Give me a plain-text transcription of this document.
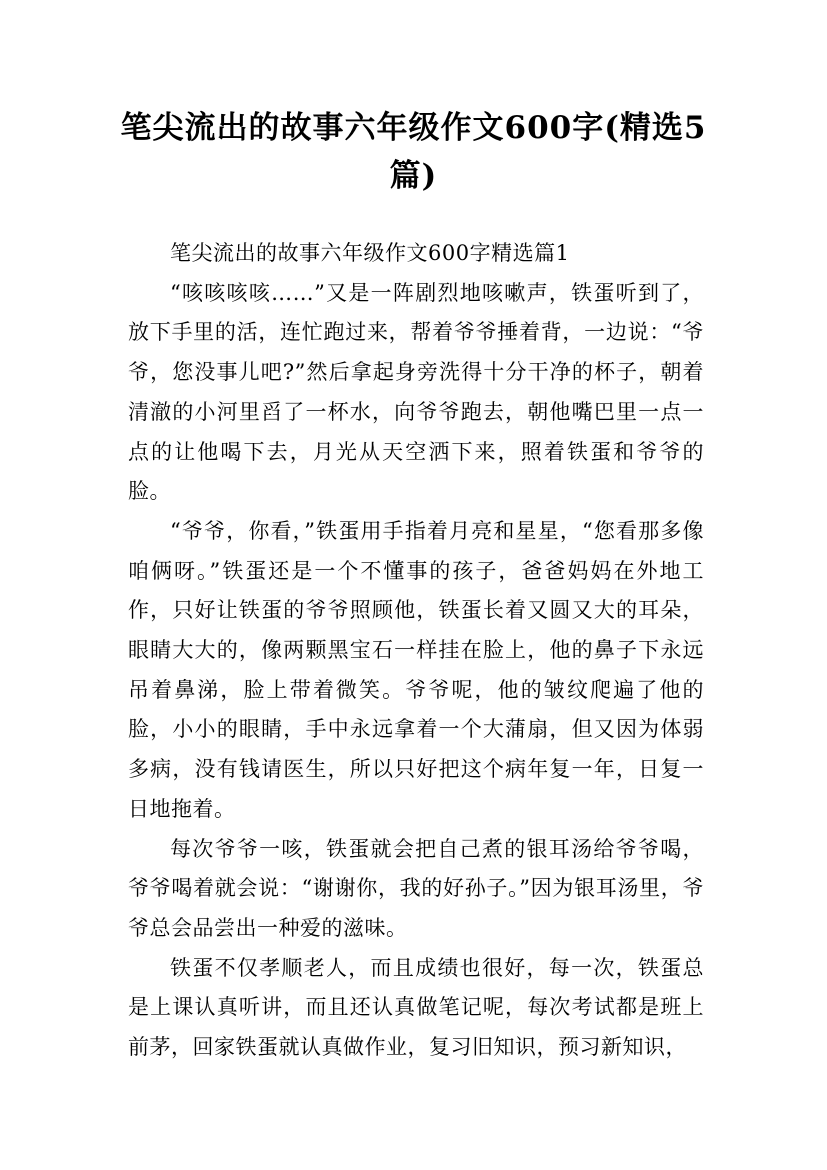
笔尖流出的故事六年级作文600字(精选5篇)

笔尖流出的故事六年级作文600字精选篇1

“咳咳咳咳……”又是一阵剧烈地咳嗽声，铁蛋听到了，放下手里的活，连忙跑过来，帮着爷爷捶着背，一边说：“爷爷，您没事儿吧?”然后拿起身旁洗得十分干净的杯子，朝着清澈的小河里舀了一杯水，向爷爷跑去，朝他嘴巴里一点一点的让他喝下去，月光从天空洒下来，照着铁蛋和爷爷的脸。

“爷爷，你看，”铁蛋用手指着月亮和星星，“您看那多像咱俩呀。”铁蛋还是一个不懂事的孩子，爸爸妈妈在外地工作，只好让铁蛋的爷爷照顾他，铁蛋长着又圆又大的耳朵，眼睛大大的，像两颗黑宝石一样挂在脸上，他的鼻子下永远吊着鼻涕，脸上带着微笑。爷爷呢，他的皱纹爬遍了他的脸，小小的眼睛，手中永远拿着一个大蒲扇，但又因为体弱多病，没有钱请医生，所以只好把这个病年复一年，日复一日地拖着。

每次爷爷一咳，铁蛋就会把自己煮的银耳汤给爷爷喝，爷爷喝着就会说：“谢谢你，我的好孙子。”因为银耳汤里，爷爷总会品尝出一种爱的滋味。

铁蛋不仅孝顺老人，而且成绩也很好，每一次，铁蛋总是上课认真听讲，而且还认真做笔记呢，每次考试都是班上前茅，回家铁蛋就认真做作业，复习旧知识，预习新知识，
